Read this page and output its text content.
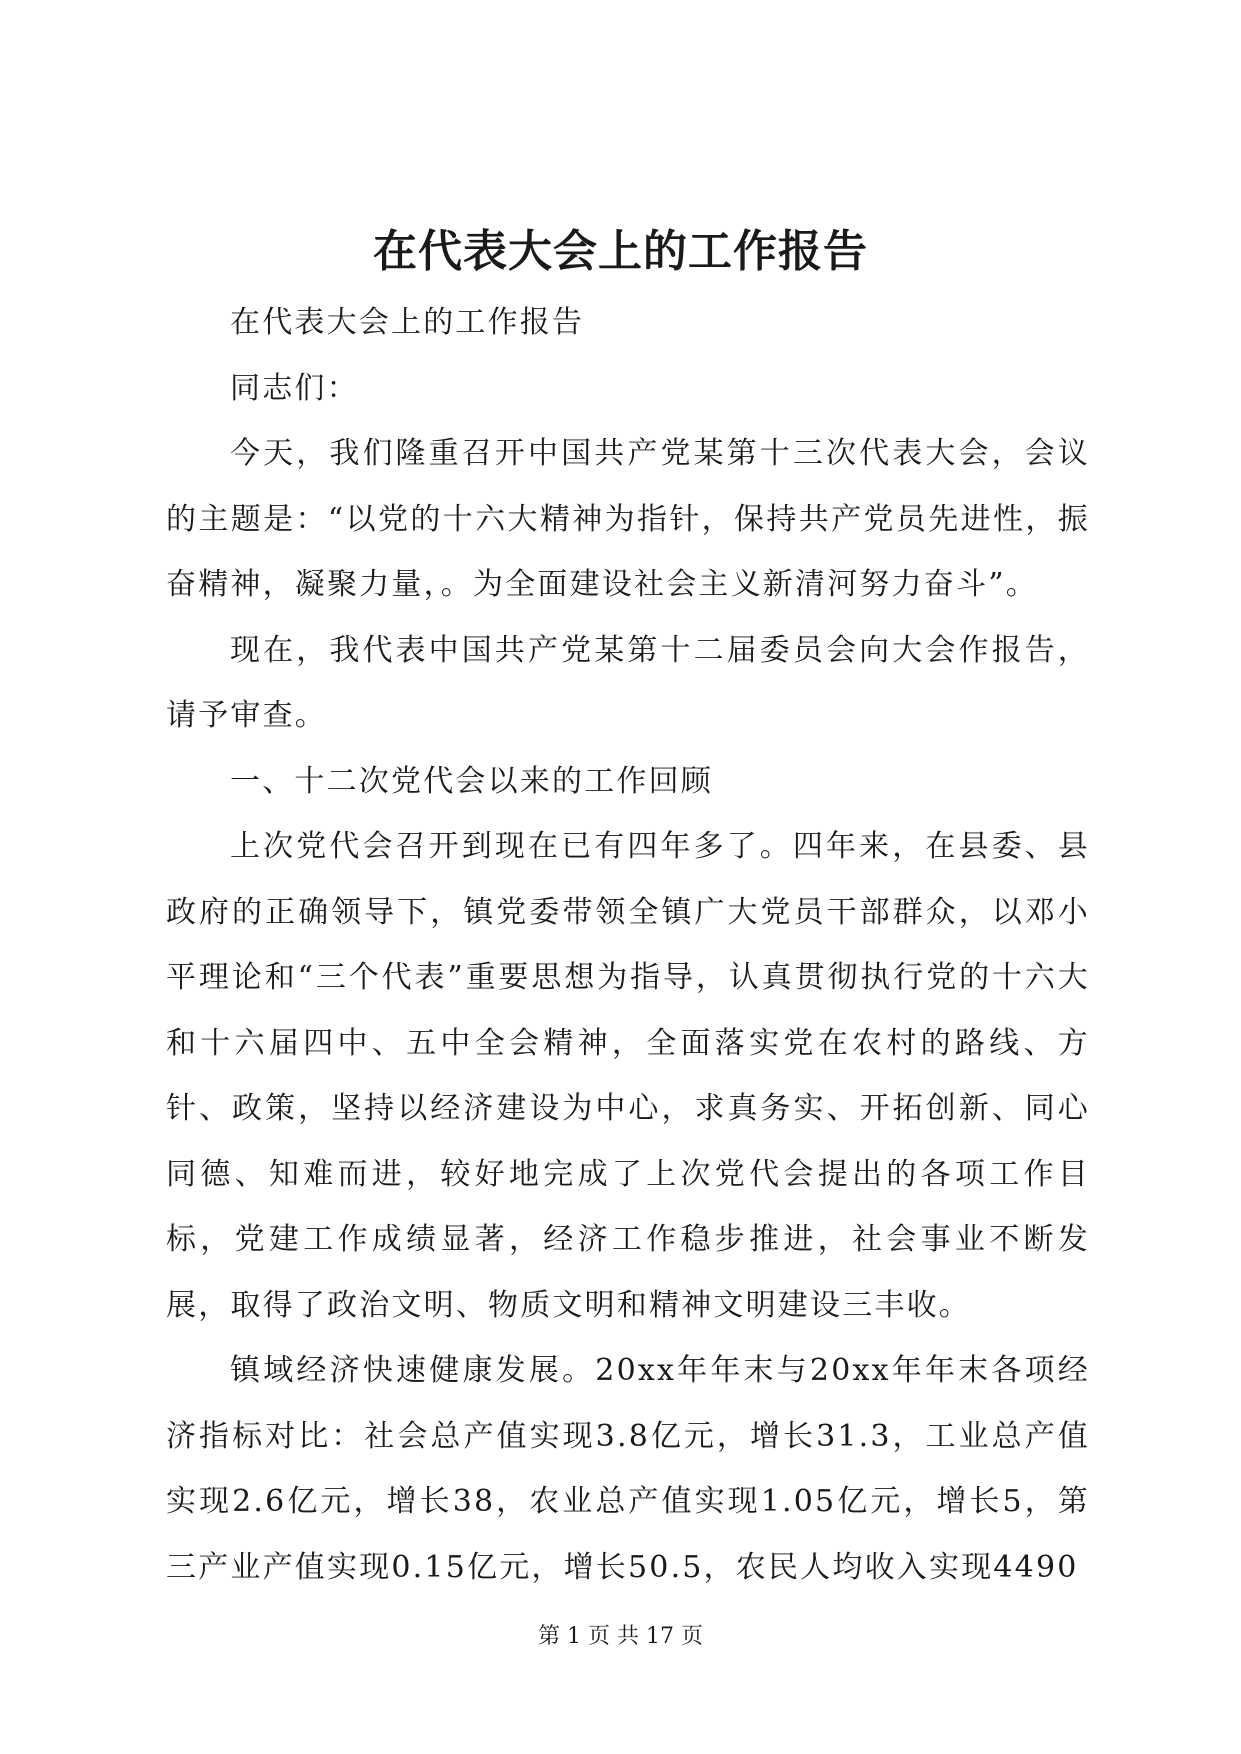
在代表大会上的工作报告

在代表大会上的工作报告

同志们：

今天，我们隆重召开中国共产党某第十三次代表大会，会议的主题是：“以党的十六大精神为指针，保持共产党员先进性，振奋精神，凝聚力量，。为全面建设社会主义新清河努力奋斗”。

现在，我代表中国共产党某第十二届委员会向大会作报告，请予审查。

一、十二次党代会以来的工作回顾

上次党代会召开到现在已有四年多了。四年来，在县委、县政府的正确领导下，镇党委带领全镇广大党员干部群众，以邓小平理论和“三个代表”重要思想为指导，认真贯彻执行党的十六大和十六届四中、五中全会精神，全面落实党在农村的路线、方针、政策，坚持以经济建设为中心，求真务实、开拓创新、同心同德、知难而进，较好地完成了上次党代会提出的各项工作目标，党建工作成绩显著，经济工作稳步推进，社会事业不断发展，取得了政治文明、物质文明和精神文明建设三丰收。

镇域经济快速健康发展。20xx年年末与20xx年年末各项经济指标对比：社会总产值实现3.8亿元，增长31.3，工业总产值实现2.6亿元，增长38，农业总产值实现1.05亿元，增长5，第三产业产值实现0.15亿元，增长50.5，农民人均收入实现4490

第 1 页 共 17 页
